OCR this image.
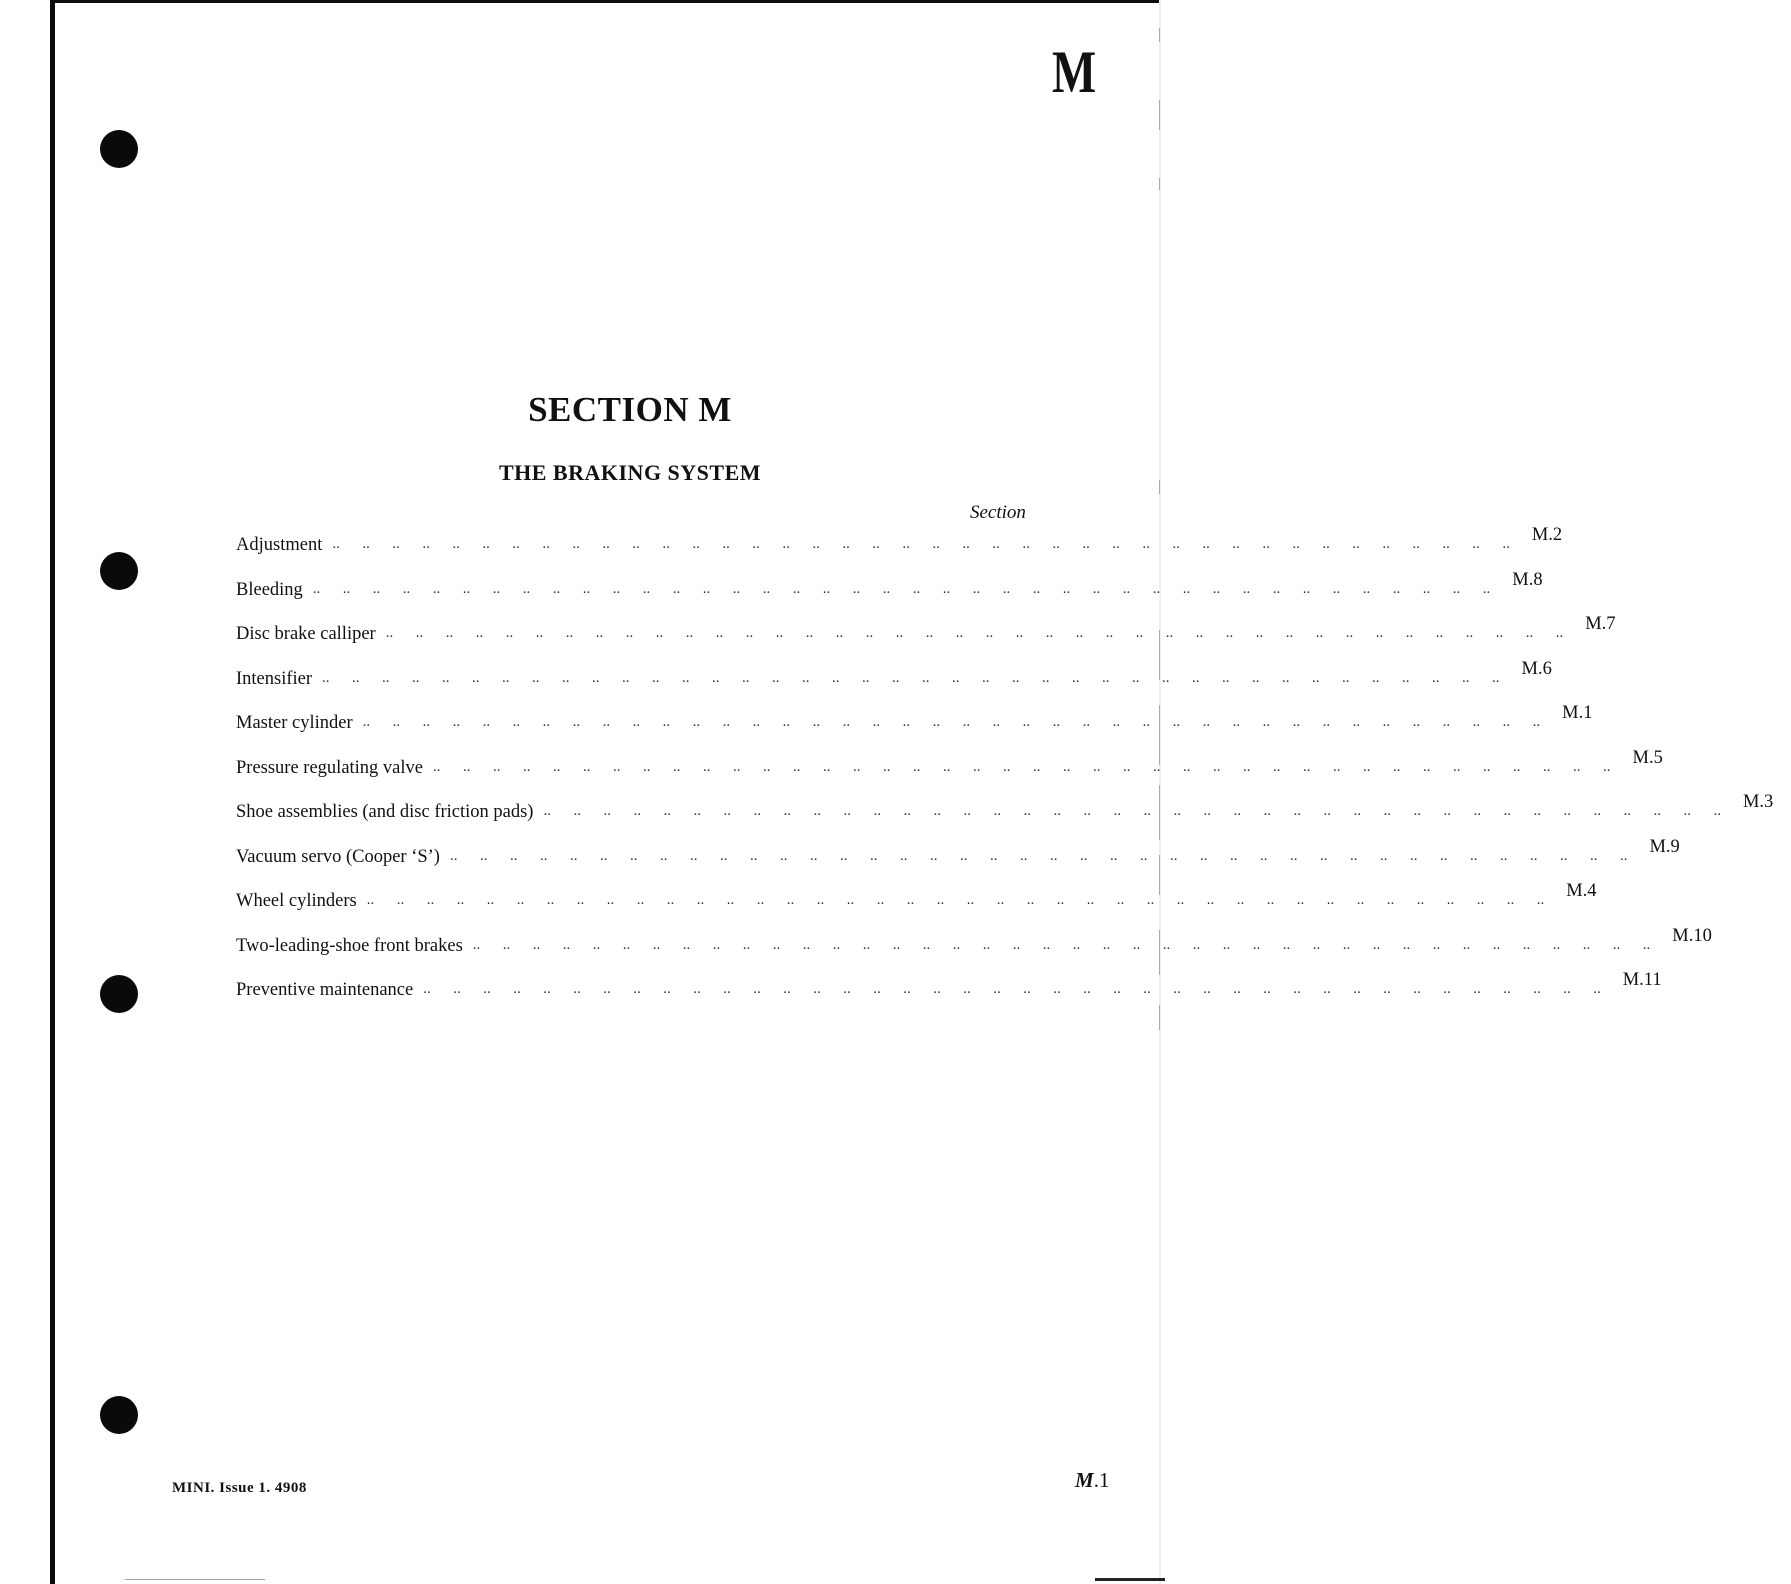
M
SECTION M
THE BRAKING SYSTEM
Section
Adjustment ..  ..  ..  ..  ..  ..  ..  ..  ..  ..  ..  ..  ..  ..  ..  ..  ..  ..  ..  ..  ..  ..  ..  ..  ..  ..  ..  ..  ..  ..  ..  ..  ..  ..  ..  ..  ..  ..  ..  .. M.2
Bleeding ..  ..  ..  ..  ..  ..  ..  ..  ..  ..  ..  ..  ..  ..  ..  ..  ..  ..  ..  ..  ..  ..  ..  ..  ..  ..  ..  ..  ..  ..  ..  ..  ..  ..  ..  ..  ..  ..  ..  .. M.8
Disc brake calliper ..  ..  ..  ..  ..  ..  ..  ..  ..  ..  ..  ..  ..  ..  ..  ..  ..  ..  ..  ..  ..  ..  ..  ..  ..  ..  ..  ..  ..  ..  ..  ..  ..  ..  ..  ..  ..  ..  ..  .. M.7
Intensifier ..  ..  ..  ..  ..  ..  ..  ..  ..  ..  ..  ..  ..  ..  ..  ..  ..  ..  ..  ..  ..  ..  ..  ..  ..  ..  ..  ..  ..  ..  ..  ..  ..  ..  ..  ..  ..  ..  ..  .. M.6
Master cylinder ..  ..  ..  ..  ..  ..  ..  ..  ..  ..  ..  ..  ..  ..  ..  ..  ..  ..  ..  ..  ..  ..  ..  ..  ..  ..  ..  ..  ..  ..  ..  ..  ..  ..  ..  ..  ..  ..  ..  .. M.1
Pressure regulating valve ..  ..  ..  ..  ..  ..  ..  ..  ..  ..  ..  ..  ..  ..  ..  ..  ..  ..  ..  ..  ..  ..  ..  ..  ..  ..  ..  ..  ..  ..  ..  ..  ..  ..  ..  ..  ..  ..  ..  .. M.5
Shoe assemblies (and disc friction pads) ..  ..  ..  ..  ..  ..  ..  ..  ..  ..  ..  ..  ..  ..  ..  ..  ..  ..  ..  ..  ..  ..  ..  ..  ..  ..  ..  ..  ..  ..  ..  ..  ..  ..  ..  ..  ..  ..  ..  .. M.3
Vacuum servo (Cooper ‘S’) ..  ..  ..  ..  ..  ..  ..  ..  ..  ..  ..  ..  ..  ..  ..  ..  ..  ..  ..  ..  ..  ..  ..  ..  ..  ..  ..  ..  ..  ..  ..  ..  ..  ..  ..  ..  ..  ..  ..  .. M.9
Wheel cylinders ..  ..  ..  ..  ..  ..  ..  ..  ..  ..  ..  ..  ..  ..  ..  ..  ..  ..  ..  ..  ..  ..  ..  ..  ..  ..  ..  ..  ..  ..  ..  ..  ..  ..  ..  ..  ..  ..  ..  .. M.4
Two-leading-shoe front brakes ..  ..  ..  ..  ..  ..  ..  ..  ..  ..  ..  ..  ..  ..  ..  ..  ..  ..  ..  ..  ..  ..  ..  ..  ..  ..  ..  ..  ..  ..  ..  ..  ..  ..  ..  ..  ..  ..  ..  .. M.10
Preventive maintenance ..  ..  ..  ..  ..  ..  ..  ..  ..  ..  ..  ..  ..  ..  ..  ..  ..  ..  ..  ..  ..  ..  ..  ..  ..  ..  ..  ..  ..  ..  ..  ..  ..  ..  ..  ..  ..  ..  ..  .. M.11
MINI. Issue 1. 4908	M.1
